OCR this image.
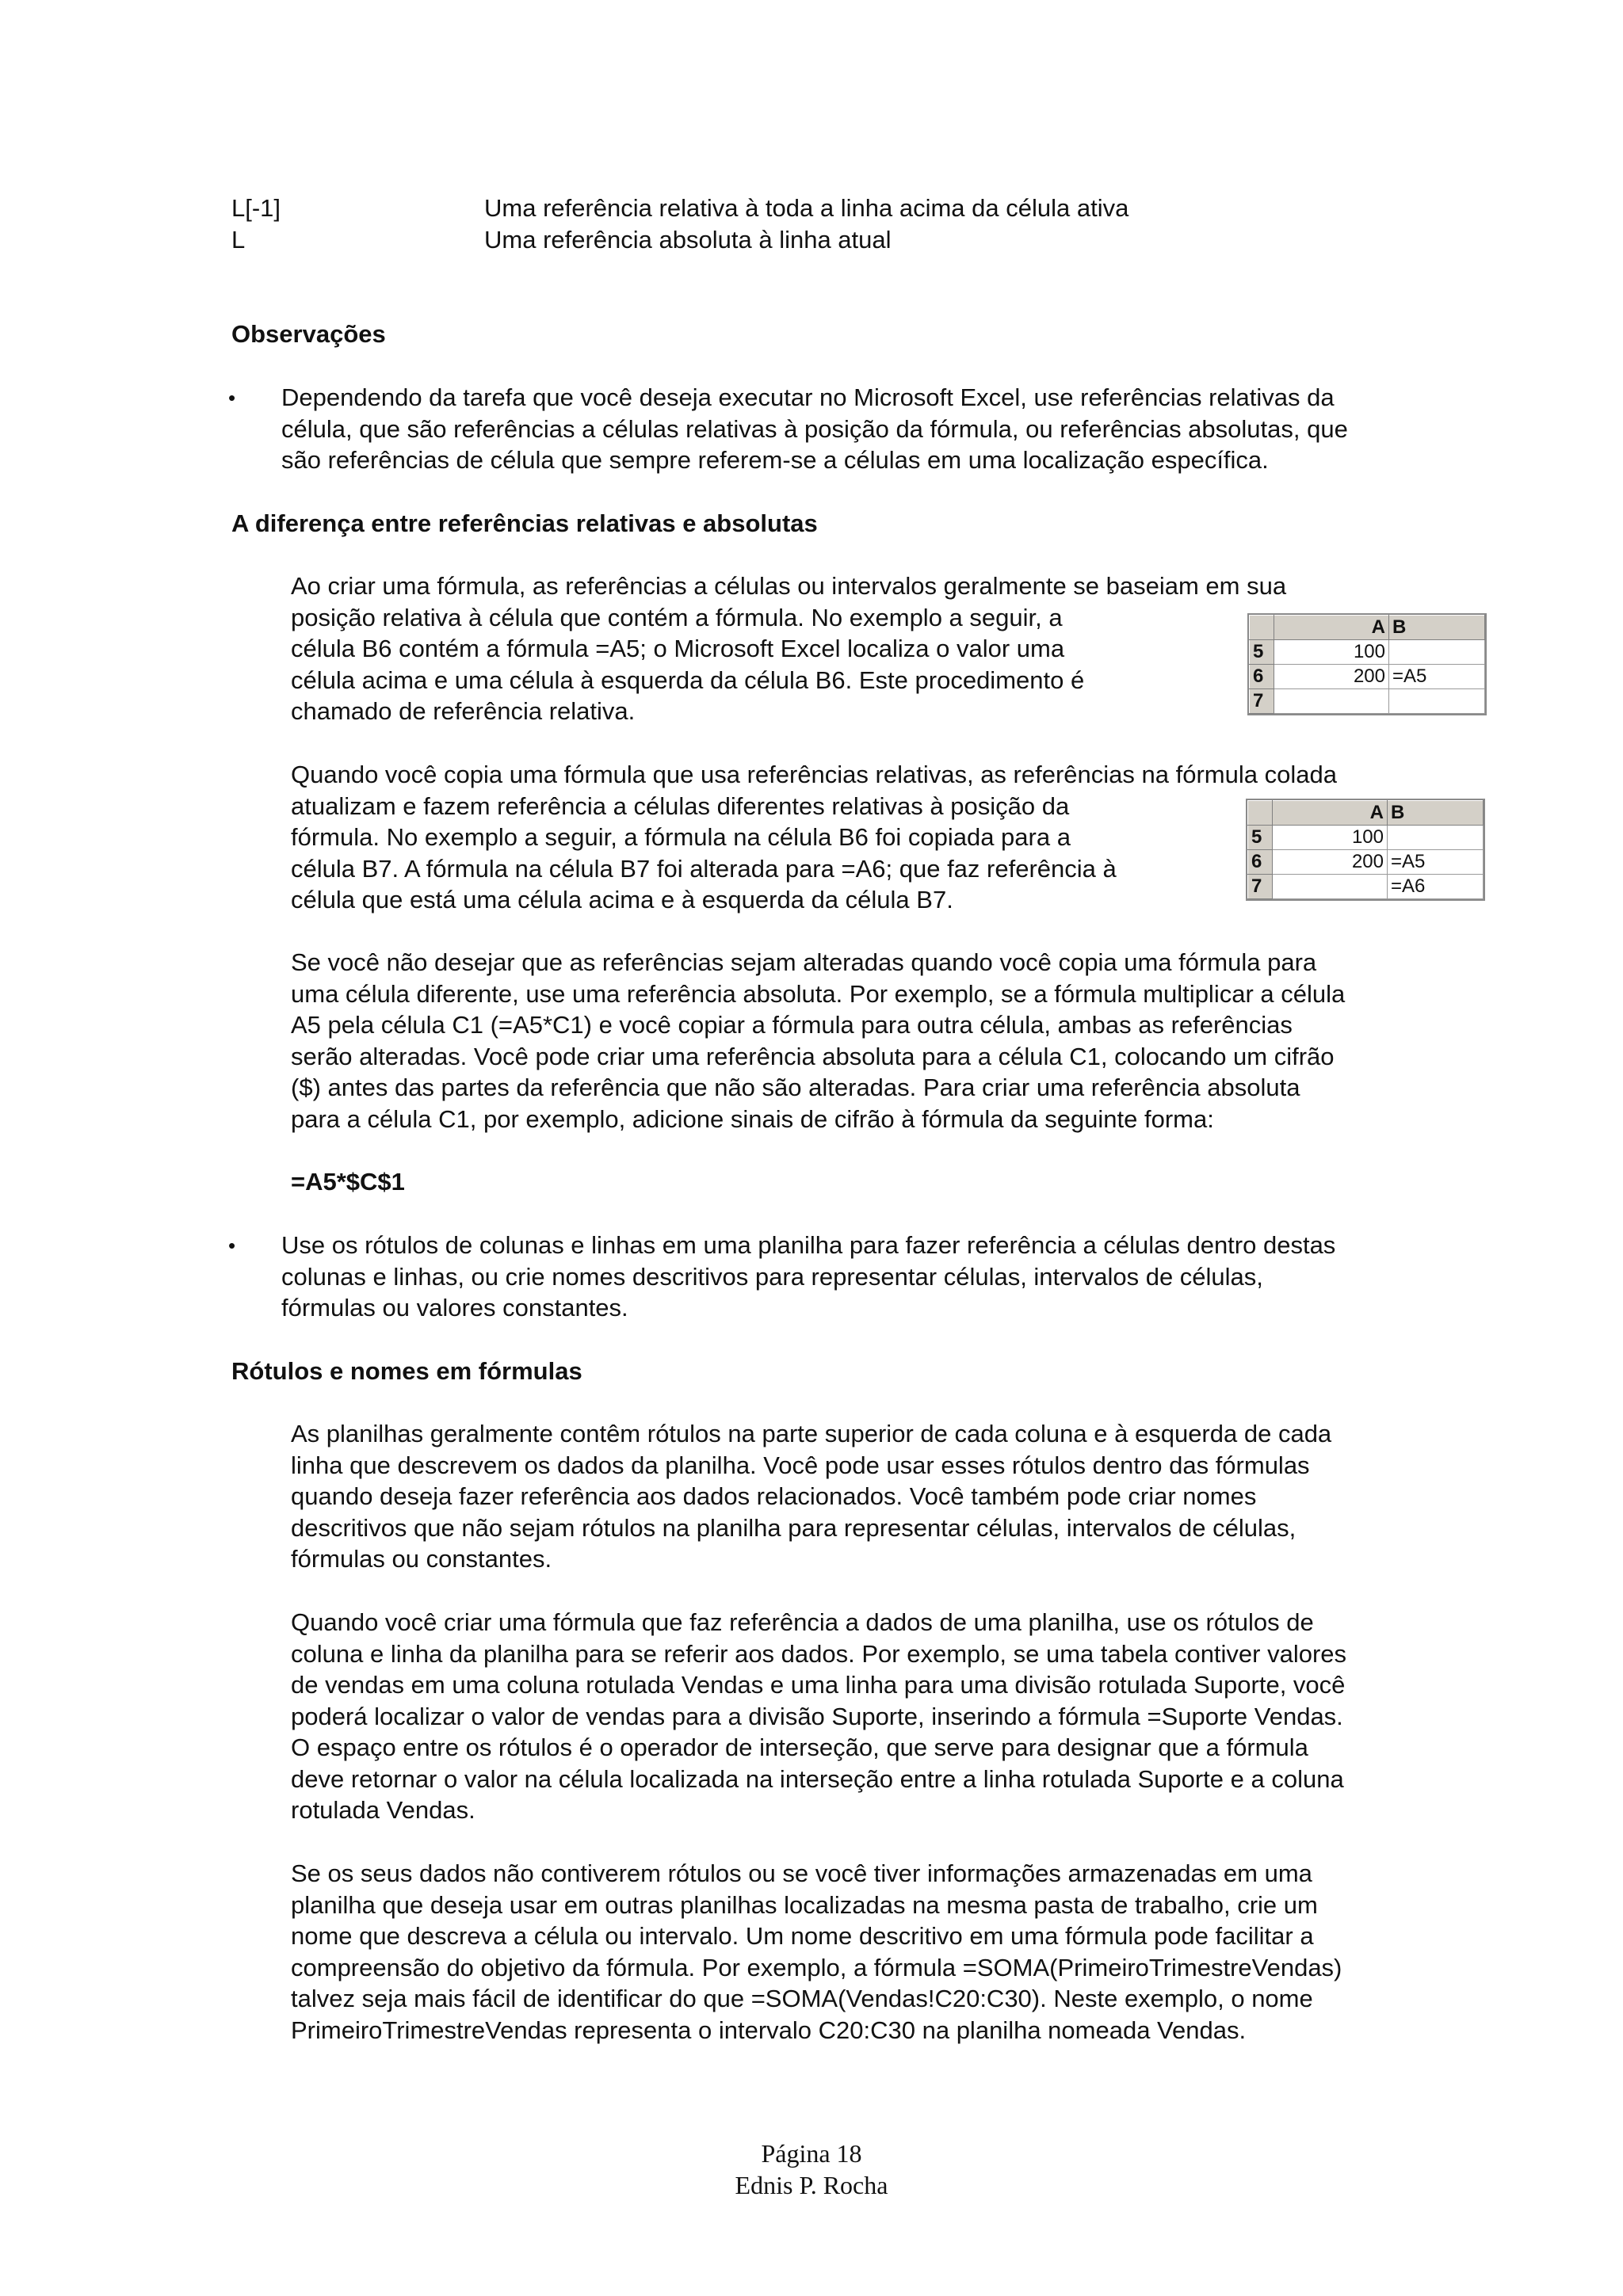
L[-1]	Uma referência relativa à toda a linha acima da célula ativa
L	Uma referência absoluta à linha atual
Observações
• Dependendo da tarefa que você deseja executar no Microsoft Excel, use referências relativas da
célula, que são referências a células relativas à posição da fórmula, ou referências absolutas, que
são referências de célula que sempre referem-se a células em uma localização específica.
A diferença entre referências relativas e absolutas
Ao criar uma fórmula, as referências a células ou intervalos geralmente se baseiam em sua
posição relativa à célula que contém a fórmula. No exemplo a seguir, a
célula B6 contém a fórmula =A5; o Microsoft Excel localiza o valor uma
célula acima e uma célula à esquerda da célula B6. Este procedimento é
chamado de referência relativa.
	A	B
5	100	
6	200	=A5
7		
Quando você copia uma fórmula que usa referências relativas, as referências na fórmula colada
atualizam e fazem referência a células diferentes relativas à posição da
fórmula. No exemplo a seguir, a fórmula na célula B6 foi copiada para a
célula B7. A fórmula na célula B7 foi alterada para =A6; que faz referência à
célula que está uma célula acima e à esquerda da célula B7.
	A	B
5	100	
6	200	=A5
7		=A6
Se você não desejar que as referências sejam alteradas quando você copia uma fórmula para
uma célula diferente, use uma referência absoluta. Por exemplo, se a fórmula multiplicar a célula
A5 pela célula C1 (=A5*C1) e você copiar a fórmula para outra célula, ambas as referências
serão alteradas. Você pode criar uma referência absoluta para a célula C1, colocando um cifrão
($) antes das partes da referência que não são alteradas. Para criar uma referência absoluta
para a célula C1, por exemplo, adicione sinais de cifrão à fórmula da seguinte forma:
=A5*$C$1
• Use os rótulos de colunas e linhas em uma planilha para fazer referência a células dentro destas
colunas e linhas, ou crie nomes descritivos para representar células, intervalos de células,
fórmulas ou valores constantes.
Rótulos e nomes em fórmulas
As planilhas geralmente contêm rótulos na parte superior de cada coluna e à esquerda de cada
linha que descrevem os dados da planilha. Você pode usar esses rótulos dentro das fórmulas
quando deseja fazer referência aos dados relacionados. Você também pode criar nomes
descritivos que não sejam rótulos na planilha para representar células, intervalos de células,
fórmulas ou constantes.
Quando você criar uma fórmula que faz referência a dados de uma planilha, use os rótulos de
coluna e linha da planilha para se referir aos dados. Por exemplo, se uma tabela contiver valores
de vendas em uma coluna rotulada Vendas e uma linha para uma divisão rotulada Suporte, você
poderá localizar o valor de vendas para a divisão Suporte, inserindo a fórmula =Suporte Vendas.
O espaço entre os rótulos é o operador de interseção, que serve para designar que a fórmula
deve retornar o valor na célula localizada na interseção entre a linha rotulada Suporte e a coluna
rotulada Vendas.
Se os seus dados não contiverem rótulos ou se você tiver informações armazenadas em uma
planilha que deseja usar em outras planilhas localizadas na mesma pasta de trabalho, crie um
nome que descreva a célula ou intervalo. Um nome descritivo em uma fórmula pode facilitar a
compreensão do objetivo da fórmula. Por exemplo, a fórmula =SOMA(PrimeiroTrimestreVendas)
talvez seja mais fácil de identificar do que =SOMA(Vendas!C20:C30). Neste exemplo, o nome
PrimeiroTrimestreVendas representa o intervalo C20:C30 na planilha nomeada Vendas.
Página 18
Ednis P. Rocha
